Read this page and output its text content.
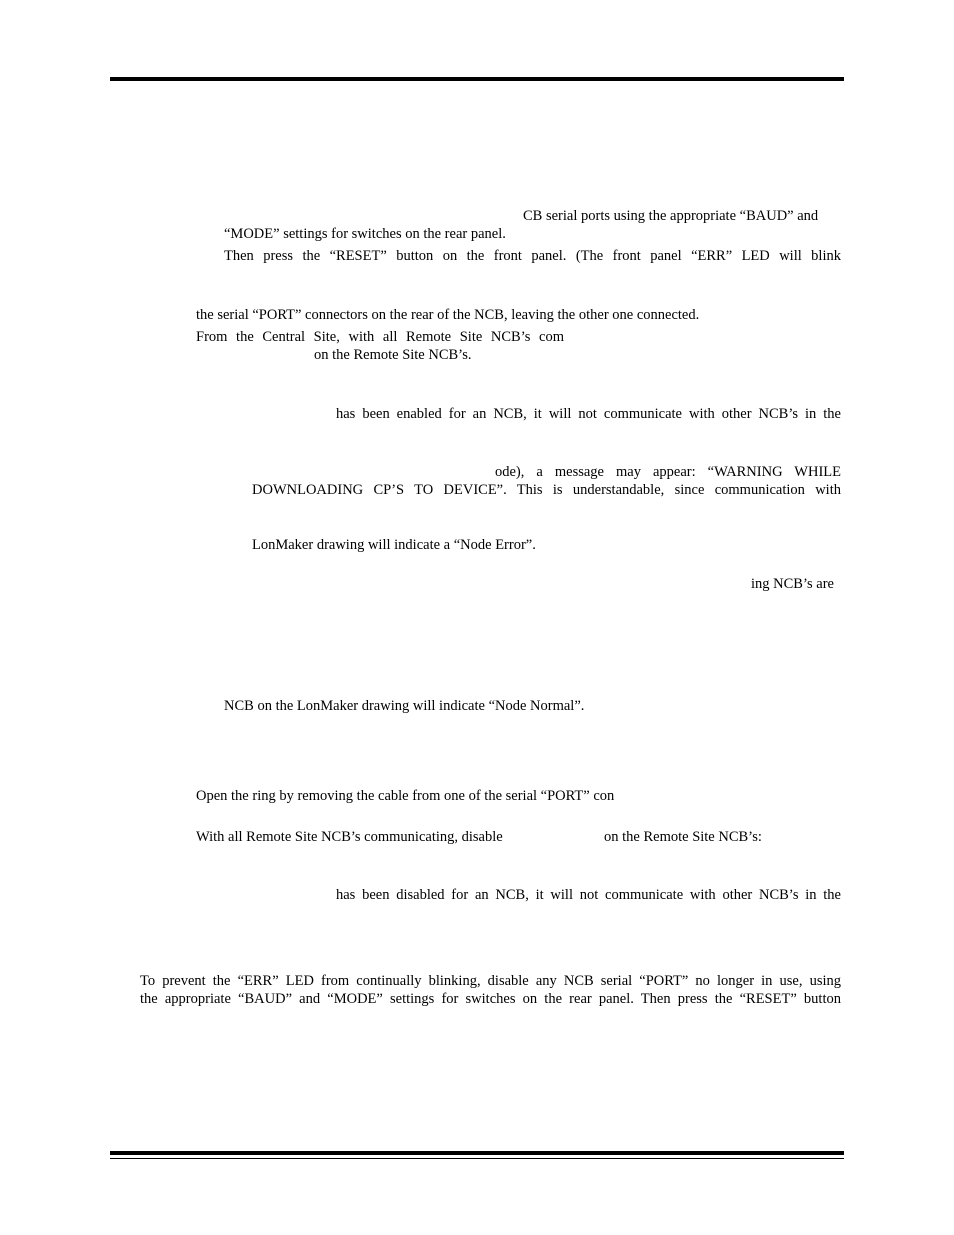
CB serial ports using the appropriate “BAUD” and
“MODE” settings for switches on the rear panel.
Then press the “RESET” button on the front panel. (The front panel “ERR” LED will blink
the serial “PORT” connectors on the rear of the NCB, leaving the other one connected.
From the Central Site, with all Remote Site NCB’s com
on the Remote Site NCB’s.
has been enabled for an NCB, it will not communicate with other NCB’s in the
ode), a message may appear: “WARNING WHILE
DOWNLOADING CP’S TO DEVICE”. This is understandable, since communication with
LonMaker drawing will indicate a “Node Error”.
ing NCB’s are
NCB on the LonMaker drawing will indicate “Node Normal”.
Open the ring by removing the cable from one of the serial “PORT” con
With all Remote Site NCB’s communicating, disable	on the Remote Site NCB’s:
has been disabled for an NCB, it will not communicate with other NCB’s in the
To prevent the “ERR” LED from continually blinking, disable any NCB serial “PORT” no longer in use, using
the appropriate “BAUD” and “MODE” settings for switches on the rear panel. Then press the “RESET” button
